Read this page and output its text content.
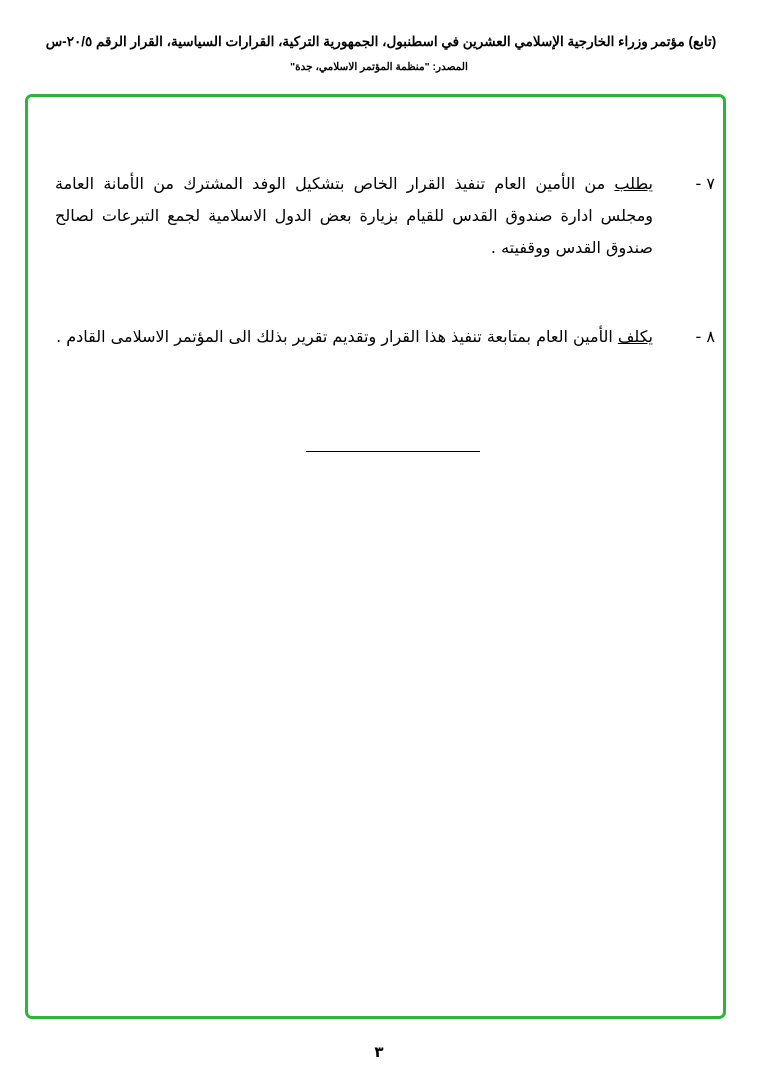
(تابع) مؤتمر وزراء الخارجية الإسلامي العشرين في اسطنبول، الجمهورية التركية، القرارات السياسية، القرار الرقم ٢٠/٥-س
المصدر: "منظمة المؤتمر الاسلامي، جدة"
٧ -
يطلب من الأمين العام تنفيذ القرار الخاص بتشكيل الوفد المشترك من الأمانة العامة ومجلس ادارة صندوق القدس للقيام بزيارة بعض الدول الاسلامية لجمع التبرعات لصالح صندوق القدس ووقفيته .
٨ -
يكلف الأمين العام بمتابعة تنفيذ هذا القرار وتقديم تقرير بذلك الى المؤتمر الاسلامى القادم .
٣
